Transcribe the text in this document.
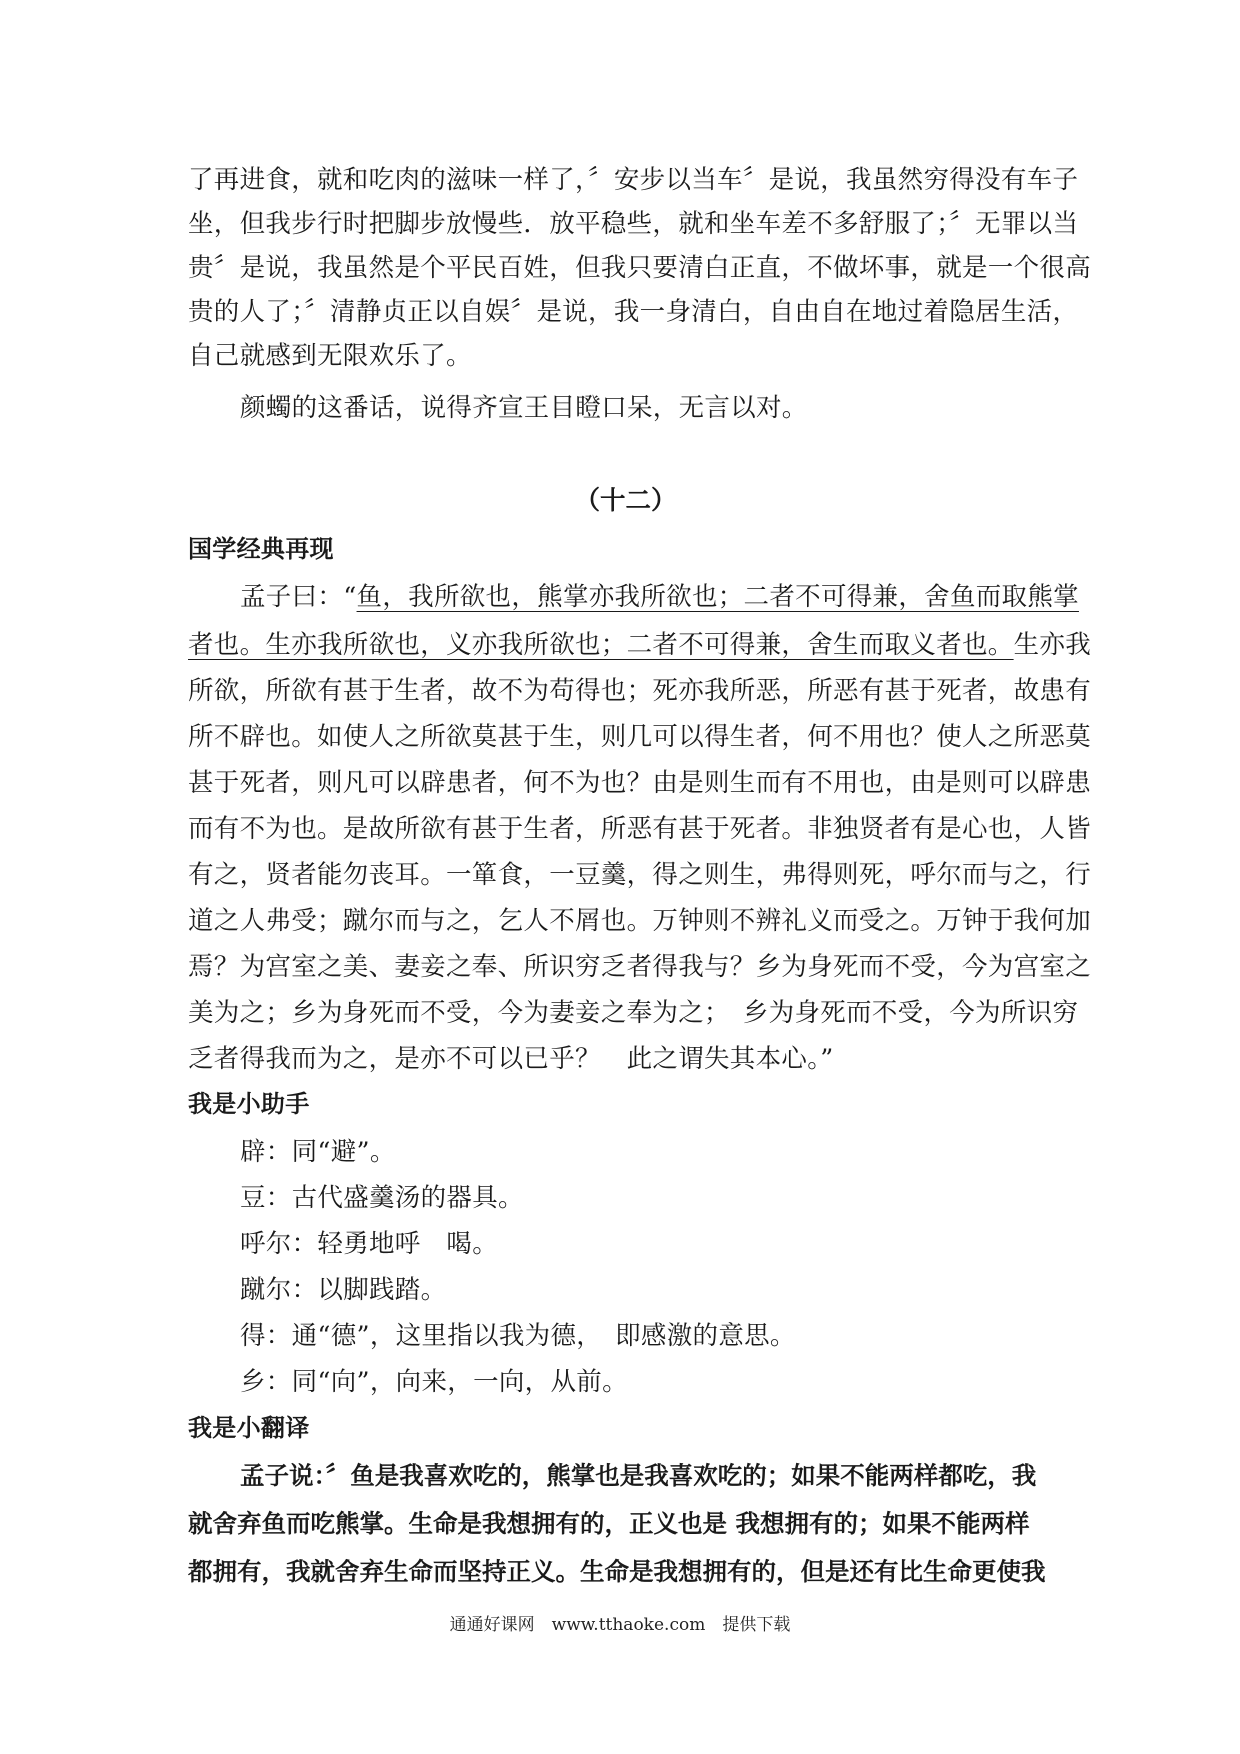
了再进食，就和吃肉的滋味一样了，〞安步以当车〞是说，我虽然穷得没有车子
坐，但我步行时把脚步放慢些．放平稳些，就和坐车差不多舒服了；〞无罪以当
贵〞是说，我虽然是个平民百姓，但我只要清白正直，不做坏事，就是一个很高
贵的人了；〞清静贞正以自娱〞是说，我一身清白，自由自在地过着隐居生活，
自己就感到无限欢乐了。
颜蠋的这番话，说得齐宣王目瞪口呆，无言以对。
（十二）
国学经典再现
孟子曰：“鱼，我所欲也，熊掌亦我所欲也；二者不可得兼，舍鱼而取熊掌
者也。生亦我所欲也，义亦我所欲也；二者不可得兼，舍生而取义者也。生亦我
所欲，所欲有甚于生者，故不为苟得也；死亦我所恶，所恶有甚于死者，故患有
所不辟也。如使人之所欲莫甚于生，则几可以得生者，何不用也？使人之所恶莫
甚于死者，则凡可以辟患者，何不为也？由是则生而有不用也，由是则可以辟患
而有不为也。是故所欲有甚于生者，所恶有甚于死者。非独贤者有是心也，人皆
有之，贤者能勿丧耳。一箪食，一豆羹，得之则生，弗得则死，呼尔而与之，行
道之人弗受；蹴尔而与之，乞人不屑也。万钟则不辨礼义而受之。万钟于我何加
焉？为宫室之美、妻妾之奉、所识穷乏者得我与？乡为身死而不受，今为宫室之
美为之；乡为身死而不受，今为妻妾之奉为之；　乡为身死而不受，今为所识穷
乏者得我而为之，是亦不可以已乎？　此之谓失其本心。”
我是小助手
辟：同“避”。
豆：古代盛羹汤的器具。
呼尔：轻勇地呼　喝。
蹴尔：以脚践踏。
得：通“德”，这里指以我为德，　即感激的意思。
乡：同“向”，向来，一向，从前。
我是小翻译
孟子说：〞鱼是我喜欢吃的，熊掌也是我喜欢吃的；如果不能两样都吃，我
就舍弃鱼而吃熊掌。生命是我想拥有的，正义也是 我想拥有的；如果不能两样
都拥有，我就舍弃生命而坚持正义。生命是我想拥有的，但是还有比生命更使我
通通好课网　www.tthaoke.com　提供下载
